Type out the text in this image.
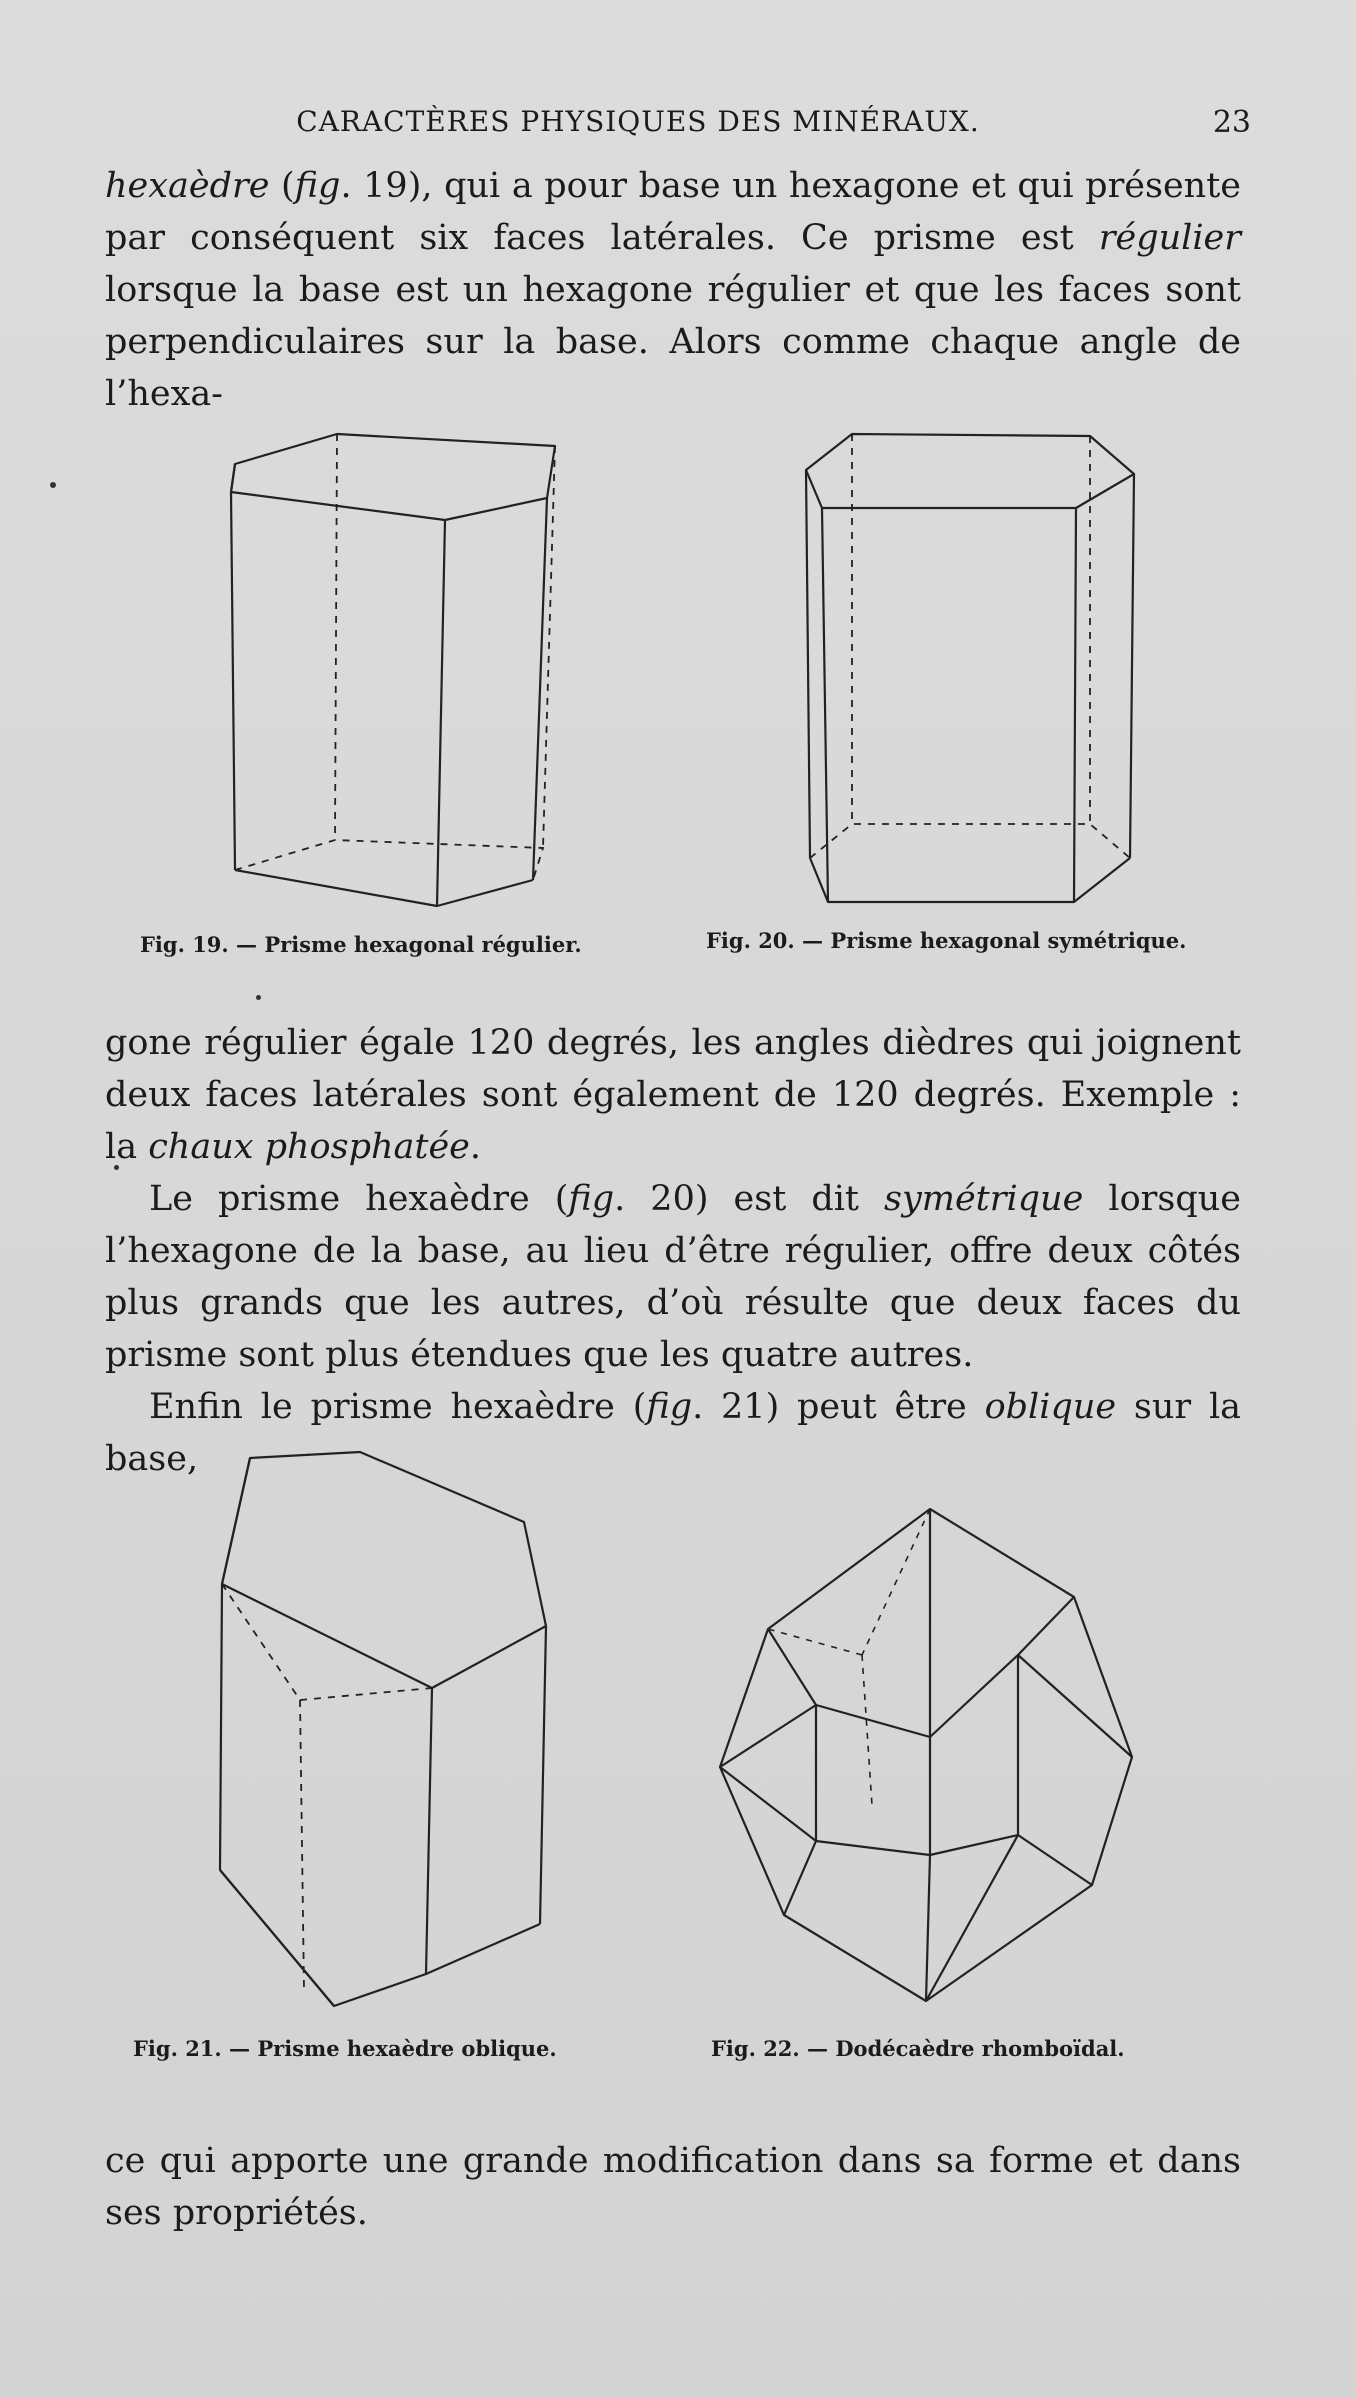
CARACTÈRES PHYSIQUES DES MINÉRAUX.	23

hexaèdre (fig. 19), qui a pour base un hexagone et qui présente par conséquent six faces latérales. Ce prisme est régulier lorsque la base est un hexagone régulier et que les faces sont perpendiculaires sur la base. Alors comme chaque angle de l’hexa-

Fig. 19. — Prisme hexagonal régulier.	Fig. 20. — Prisme hexagonal symétrique.

gone régulier égale 120 degrés, les angles dièdres qui joignent deux faces latérales sont également de 120 degrés. Exemple : la chaux phosphatée.

Le prisme hexaèdre (fig. 20) est dit symétrique lorsque l’hexagone de la base, au lieu d’être régulier, offre deux côtés plus grands que les autres, d’où résulte que deux faces du prisme sont plus étendues que les quatre autres.

Enfin le prisme hexaèdre (fig. 21) peut être oblique sur la base,

Fig. 21. — Prisme hexaèdre oblique.	Fig. 22. — Dodécaèdre rhomboïdal.

ce qui apporte une grande modification dans sa forme et dans ses propriétés.
